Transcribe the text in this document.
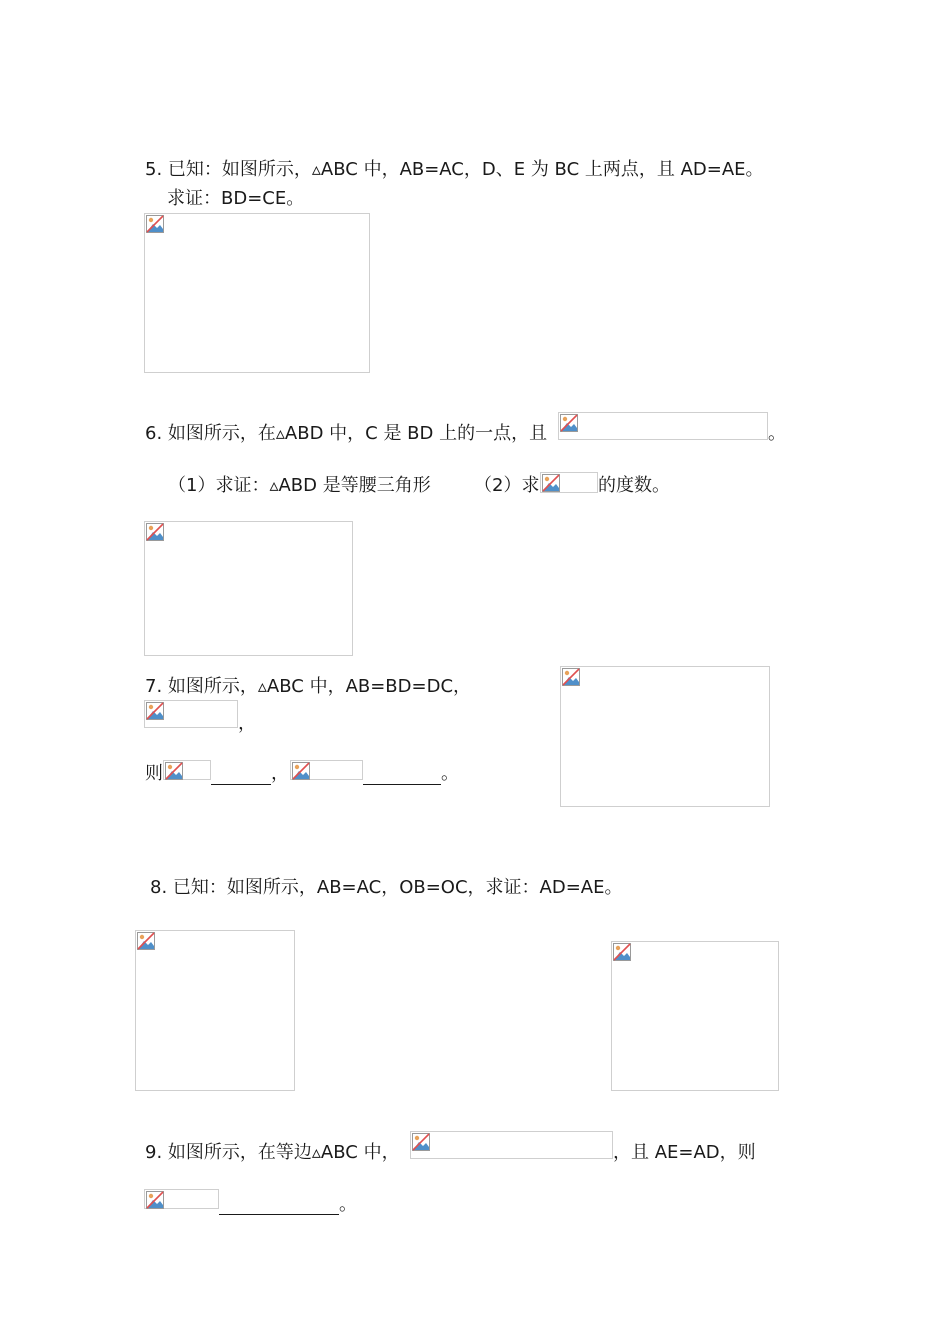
5. 已知：如图所示，▵ABC 中，AB=AC，D、E 为 BC 上两点，且 AD=AE。
求证：BD=CE。
6. 如图所示，在▵ABD 中，C 是 BD 上的一点，且	。
（1）求证：▵ABD 是等腰三角形 （2）求	的度数。
7. 如图所示，▵ABC 中，AB=BD=DC，
，
则	，	。
8. 已知：如图所示，AB=AC，OB=OC，求证：AD=AE。
9. 如图所示，在等边▵ABC 中，	，且 AE=AD，则
。
